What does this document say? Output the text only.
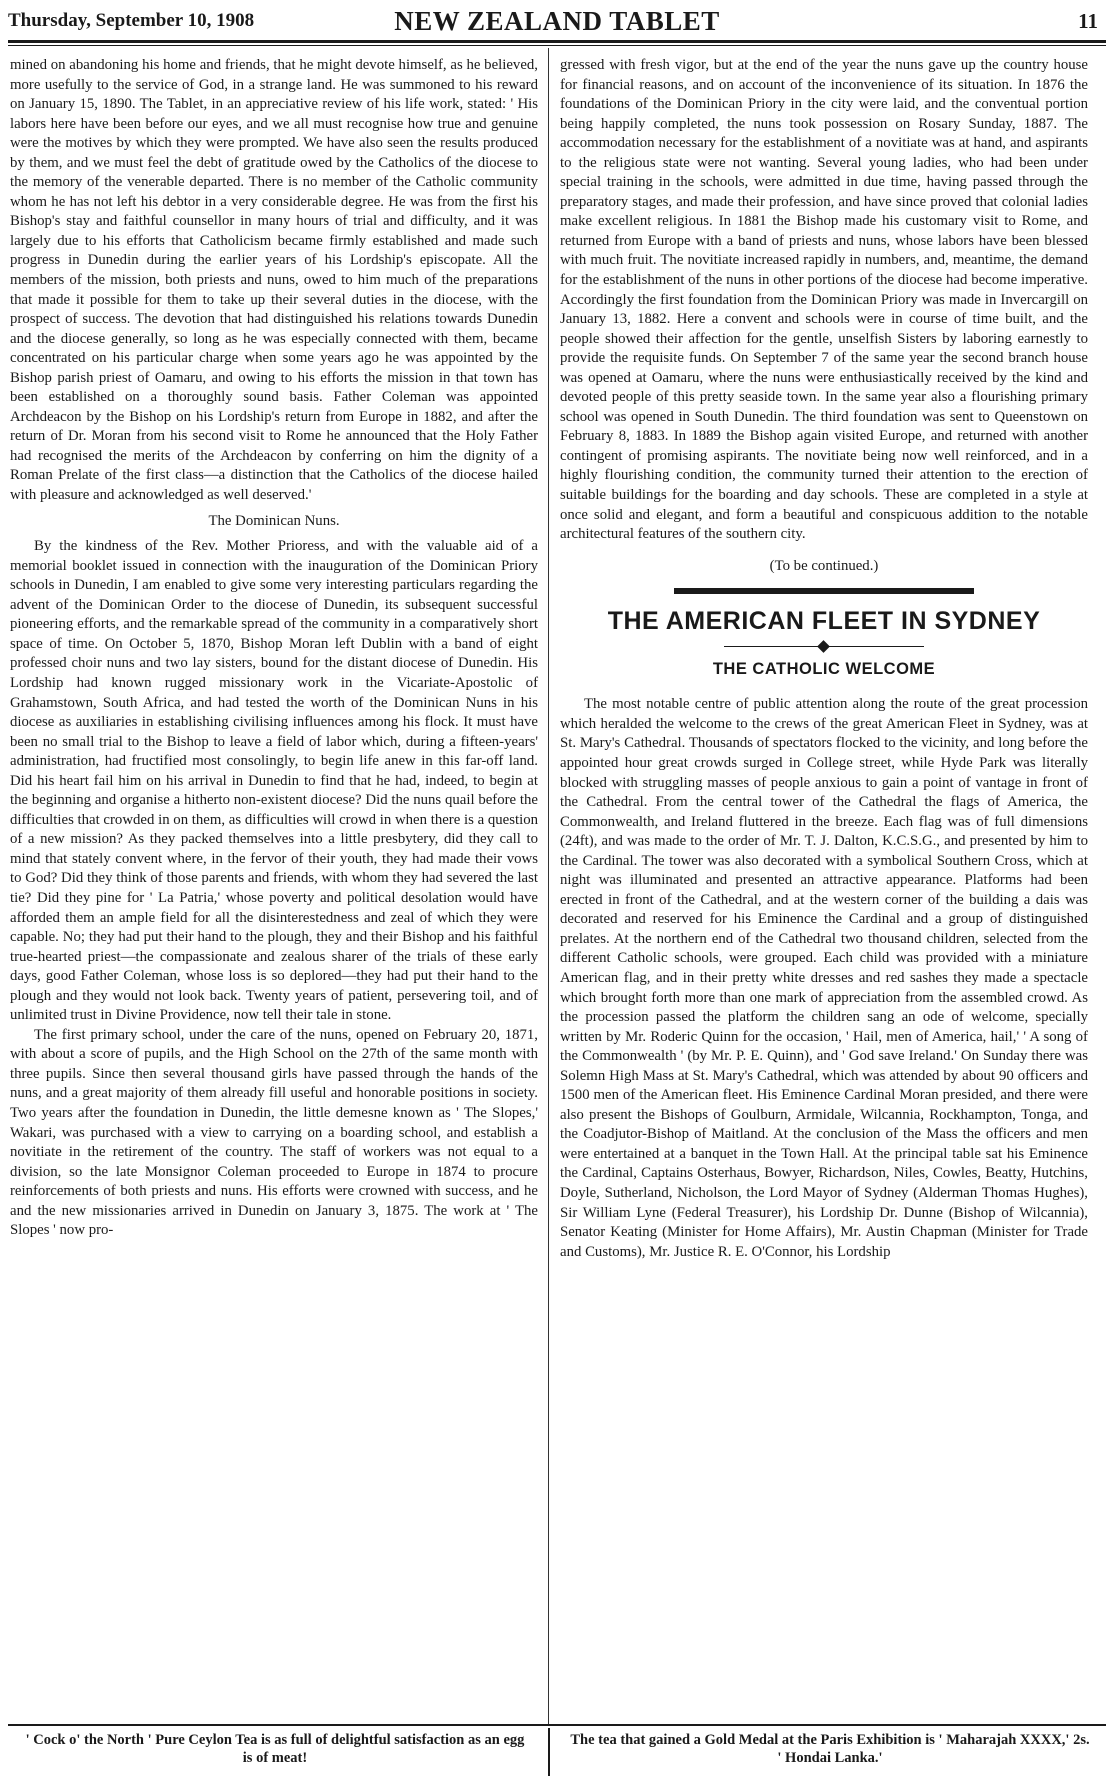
Thursday, September 10, 1908	NEW ZEALAND TABLET	11

mined on abandoning his home and friends, that he might devote himself, as he believed, more usefully to the service of God, in a strange land. He was summoned to his reward on January 15, 1890. The Tablet, in an appreciative review of his life work, stated: ' His labors here have been before our eyes, and we all must recognise how true and genuine were the motives by which they were prompted. We have also seen the results produced by them, and we must feel the debt of gratitude owed by the Catholics of the diocese to the memory of the venerable departed. There is no member of the Catholic community whom he has not left his debtor in a very considerable degree. He was from the first his Bishop's stay and faithful counsellor in many hours of trial and difficulty, and it was largely due to his efforts that Catholicism became firmly established and made such progress in Dunedin during the earlier years of his Lordship's episcopate. All the members of the mission, both priests and nuns, owed to him much of the preparations that made it possible for them to take up their several duties in the diocese, with the prospect of success. The devotion that had distinguished his relations towards Dunedin and the diocese generally, so long as he was especially connected with them, became concentrated on his particular charge when some years ago he was appointed by the Bishop parish priest of Oamaru, and owing to his efforts the mission in that town has been established on a thoroughly sound basis. Father Coleman was appointed Archdeacon by the Bishop on his Lordship's return from Europe in 1882, and after the return of Dr. Moran from his second visit to Rome he announced that the Holy Father had recognised the merits of the Archdeacon by conferring on him the dignity of a Roman Prelate of the first class—a distinction that the Catholics of the diocese hailed with pleasure and acknowledged as well deserved.'

The Dominican Nuns.

By the kindness of the Rev. Mother Prioress, and with the valuable aid of a memorial booklet issued in connection with the inauguration of the Dominican Priory schools in Dunedin, I am enabled to give some very interesting particulars regarding the advent of the Dominican Order to the diocese of Dunedin, its subsequent successful pioneering efforts, and the remarkable spread of the community in a comparatively short space of time. On October 5, 1870, Bishop Moran left Dublin with a band of eight professed choir nuns and two lay sisters, bound for the distant diocese of Dunedin. His Lordship had known rugged missionary work in the Vicariate-Apostolic of Grahamstown, South Africa, and had tested the worth of the Dominican Nuns in his diocese as auxiliaries in establishing civilising influences among his flock. It must have been no small trial to the Bishop to leave a field of labor which, during a fifteen-years' administration, had fructified most consolingly, to begin life anew in this far-off land. Did his heart fail him on his arrival in Dunedin to find that he had, indeed, to begin at the beginning and organise a hitherto non-existent diocese? Did the nuns quail before the difficulties that crowded in on them, as difficulties will crowd in when there is a question of a new mission? As they packed themselves into a little presbytery, did they call to mind that stately convent where, in the fervor of their youth, they had made their vows to God? Did they think of those parents and friends, with whom they had severed the last tie? Did they pine for ' La Patria,' whose poverty and political desolation would have afforded them an ample field for all the disinterestedness and zeal of which they were capable. No; they had put their hand to the plough, they and their Bishop and his faithful true-hearted priest—the compassionate and zealous sharer of the trials of these early days, good Father Coleman, whose loss is so deplored—they had put their hand to the plough and they would not look back. Twenty years of patient, persevering toil, and of unlimited trust in Divine Providence, now tell their tale in stone.

The first primary school, under the care of the nuns, opened on February 20, 1871, with about a score of pupils, and the High School on the 27th of the same month with three pupils. Since then several thousand girls have passed through the hands of the nuns, and a great majority of them already fill useful and honorable positions in society. Two years after the foundation in Dunedin, the little demesne known as ' The Slopes,' Wakari, was purchased with a view to carrying on a boarding school, and establish a novitiate in the retirement of the country. The staff of workers was not equal to a division, so the late Monsignor Coleman proceeded to Europe in 1874 to procure reinforcements of both priests and nuns. His efforts were crowned with success, and he and the new missionaries arrived in Dunedin on January 3, 1875. The work at ' The Slopes ' now pro-

gressed with fresh vigor, but at the end of the year the nuns gave up the country house for financial reasons, and on account of the inconvenience of its situation. In 1876 the foundations of the Dominican Priory in the city were laid, and the conventual portion being happily completed, the nuns took possession on Rosary Sunday, 1887. The accommodation necessary for the establishment of a novitiate was at hand, and aspirants to the religious state were not wanting. Several young ladies, who had been under special training in the schools, were admitted in due time, having passed through the preparatory stages, and made their profession, and have since proved that colonial ladies make excellent religious. In 1881 the Bishop made his customary visit to Rome, and returned from Europe with a band of priests and nuns, whose labors have been blessed with much fruit. The novitiate increased rapidly in numbers, and, meantime, the demand for the establishment of the nuns in other portions of the diocese had become imperative. Accordingly the first foundation from the Dominican Priory was made in Invercargill on January 13, 1882. Here a convent and schools were in course of time built, and the people showed their affection for the gentle, unselfish Sisters by laboring earnestly to provide the requisite funds. On September 7 of the same year the second branch house was opened at Oamaru, where the nuns were enthusiastically received by the kind and devoted people of this pretty seaside town. In the same year also a flourishing primary school was opened in South Dunedin. The third foundation was sent to Queenstown on February 8, 1883. In 1889 the Bishop again visited Europe, and returned with another contingent of promising aspirants. The novitiate being now well reinforced, and in a highly flourishing condition, the community turned their attention to the erection of suitable buildings for the boarding and day schools. These are completed in a style at once solid and elegant, and form a beautiful and conspicuous addition to the notable architectural features of the southern city.

(To be continued.)
THE AMERICAN FLEET IN SYDNEY
THE CATHOLIC WELCOME

The most notable centre of public attention along the route of the great procession which heralded the welcome to the crews of the great American Fleet in Sydney, was at St. Mary's Cathedral. Thousands of spectators flocked to the vicinity, and long before the appointed hour great crowds surged in College street, while Hyde Park was literally blocked with struggling masses of people anxious to gain a point of vantage in front of the Cathedral. From the central tower of the Cathedral the flags of America, the Commonwealth, and Ireland fluttered in the breeze. Each flag was of full dimensions (24ft), and was made to the order of Mr. T. J. Dalton, K.C.S.G., and presented by him to the Cardinal. The tower was also decorated with a symbolical Southern Cross, which at night was illuminated and presented an attractive appearance. Platforms had been erected in front of the Cathedral, and at the western corner of the building a dais was decorated and reserved for his Eminence the Cardinal and a group of distinguished prelates. At the northern end of the Cathedral two thousand children, selected from the different Catholic schools, were grouped. Each child was provided with a miniature American flag, and in their pretty white dresses and red sashes they made a spectacle which brought forth more than one mark of appreciation from the assembled crowd. As the procession passed the platform the children sang an ode of welcome, specially written by Mr. Roderic Quinn for the occasion, ' Hail, men of America, hail,' ' A song of the Commonwealth ' (by Mr. P. E. Quinn), and ' God save Ireland.' On Sunday there was Solemn High Mass at St. Mary's Cathedral, which was attended by about 90 officers and 1500 men of the American fleet. His Eminence Cardinal Moran presided, and there were also present the Bishops of Goulburn, Armidale, Wilcannia, Rockhampton, Tonga, and the Coadjutor-Bishop of Maitland. At the conclusion of the Mass the officers and men were entertained at a banquet in the Town Hall. At the principal table sat his Eminence the Cardinal, Captains Osterhaus, Bowyer, Richardson, Niles, Cowles, Beatty, Hutchins, Doyle, Sutherland, Nicholson, the Lord Mayor of Sydney (Alderman Thomas Hughes), Sir William Lyne (Federal Treasurer), his Lordship Dr. Dunne (Bishop of Wilcannia), Senator Keating (Minister for Home Affairs), Mr. Austin Chapman (Minister for Trade and Customs), Mr. Justice R. E. O'Connor, his Lordship

' Cock o' the North ' Pure Ceylon Tea is as full of delightful satisfaction as an egg is of meat!
The tea that gained a Gold Medal at the Paris Exhibition is ' Maharajah XXXX,' 2s. ' Hondai Lanka.'
